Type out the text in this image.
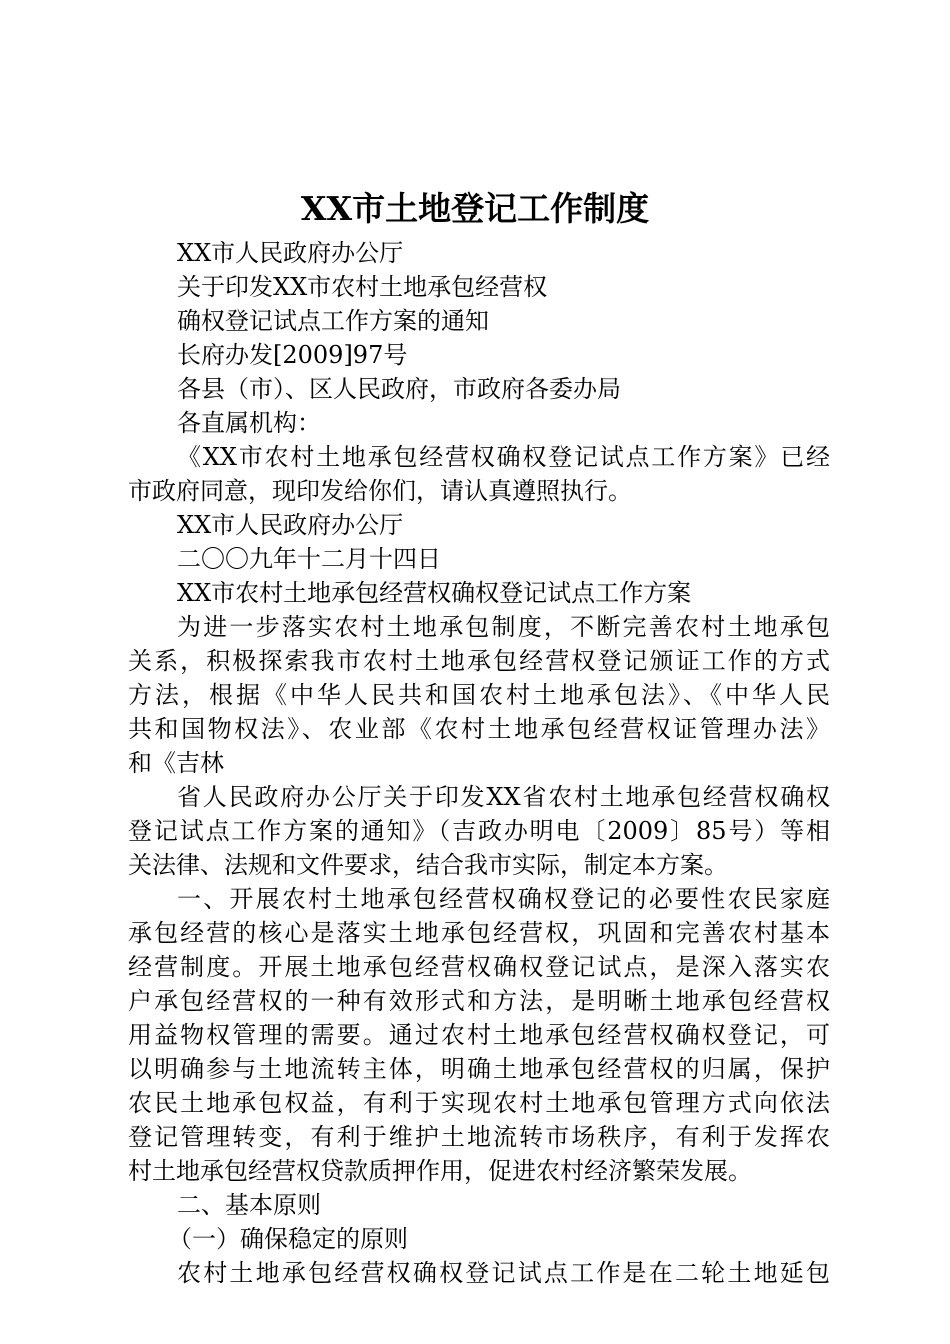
XX市土地登记工作制度
XX市人民政府办公厅
关于印发XX市农村土地承包经营权
确权登记试点工作方案的通知
长府办发[2009]97号
各县（市）、区人民政府，市政府各委办局
各直属机构：
《XX市农村土地承包经营权确权登记试点工作方案》已经
市政府同意，现印发给你们，请认真遵照执行。
XX市人民政府办公厅
二〇〇九年十二月十四日
XX市农村土地承包经营权确权登记试点工作方案
为进一步落实农村土地承包制度，不断完善农村土地承包
关系，积极探索我市农村土地承包经营权登记颁证工作的方式
方法，根据《中华人民共和国农村土地承包法》、《中华人民
共和国物权法》、农业部《农村土地承包经营权证管理办法》
和《吉林
省人民政府办公厅关于印发XX省农村土地承包经营权确权
登记试点工作方案的通知》（吉政办明电〔2009〕85号）等相
关法律、法规和文件要求，结合我市实际，制定本方案。
一、开展农村土地承包经营权确权登记的必要性农民家庭
承包经营的核心是落实土地承包经营权，巩固和完善农村基本
经营制度。开展土地承包经营权确权登记试点，是深入落实农
户承包经营权的一种有效形式和方法，是明晰土地承包经营权
用益物权管理的需要。通过农村土地承包经营权确权登记，可
以明确参与土地流转主体，明确土地承包经营权的归属，保护
农民土地承包权益，有利于实现农村土地承包管理方式向依法
登记管理转变，有利于维护土地流转市场秩序，有利于发挥农
村土地承包经营权贷款质押作用，促进农村经济繁荣发展。
二、基本原则
（一）确保稳定的原则
农村土地承包经营权确权登记试点工作是在二轮土地延包
